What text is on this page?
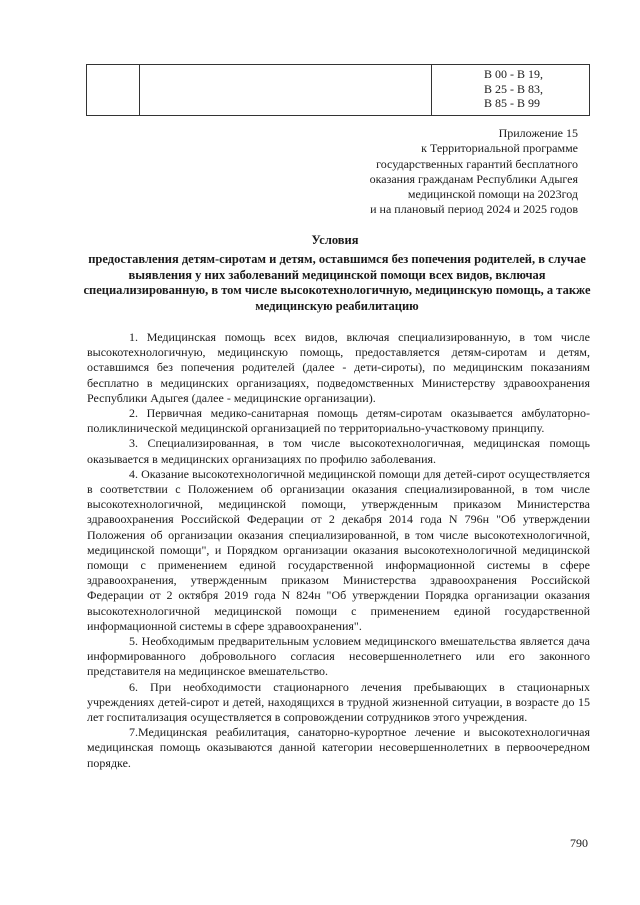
B 00 - B 19,
B 25 - B 83,
B 85 - B 99
Приложение 15
к Территориальной программе
государственных гарантий бесплатного
оказания гражданам Республики Адыгея
медицинской помощи на 2023год
и на плановый период 2024 и 2025 годов
Условия
предоставления детям-сиротам и детям, оставшимся без попечения родителей, в случае выявления у них заболеваний медицинской помощи всех видов, включая специализированную, в том числе высокотехнологичную, медицинскую помощь, а также медицинскую реабилитацию

1. Медицинская помощь всех видов, включая специализированную, в том числе высокотехнологичную, медицинскую помощь, предоставляется детям-сиротам и детям, оставшимся без попечения родителей (далее - дети-сироты), по медицинским показаниям бесплатно в медицинских организациях, подведомственных Министерству здравоохранения Республики Адыгея (далее - медицинские организации).

2. Первичная медико-санитарная помощь детям-сиротам оказывается амбулаторно-поликлинической медицинской организацией по территориально-участковому принципу.

3. Специализированная, в том числе высокотехнологичная, медицинская помощь оказывается в медицинских организациях по профилю заболевания.

4. Оказание высокотехнологичной медицинской помощи для детей-сирот осуществляется в соответствии с Положением об организации оказания специализированной, в том числе высокотехнологичной, медицинской помощи, утвержденным приказом Министерства здравоохранения Российской Федерации от 2 декабря 2014 года N 796н "Об утверждении Положения об организации оказания специализированной, в том числе высокотехнологичной, медицинской помощи", и Порядком организации оказания высокотехнологичной медицинской помощи с применением единой государственной информационной системы в сфере здравоохранения, утвержденным приказом Министерства здравоохранения Российской Федерации от 2 октября 2019 года N 824н "Об утверждении Порядка организации оказания высокотехнологичной медицинской помощи с применением единой государственной информационной системы в сфере здравоохранения".

5. Необходимым предварительным условием медицинского вмешательства является дача информированного добровольного согласия несовершеннолетнего или его законного представителя на медицинское вмешательство.

6. При необходимости стационарного лечения пребывающих в стационарных учреждениях детей-сирот и детей, находящихся в трудной жизненной ситуации, в возрасте до 15 лет госпитализация осуществляется в сопровождении сотрудников этого учреждения.

7.Медицинская реабилитация, санаторно-курортное лечение и высокотехнологичная медицинская помощь оказываются данной категории несовершеннолетних в первоочередном порядке.

790
